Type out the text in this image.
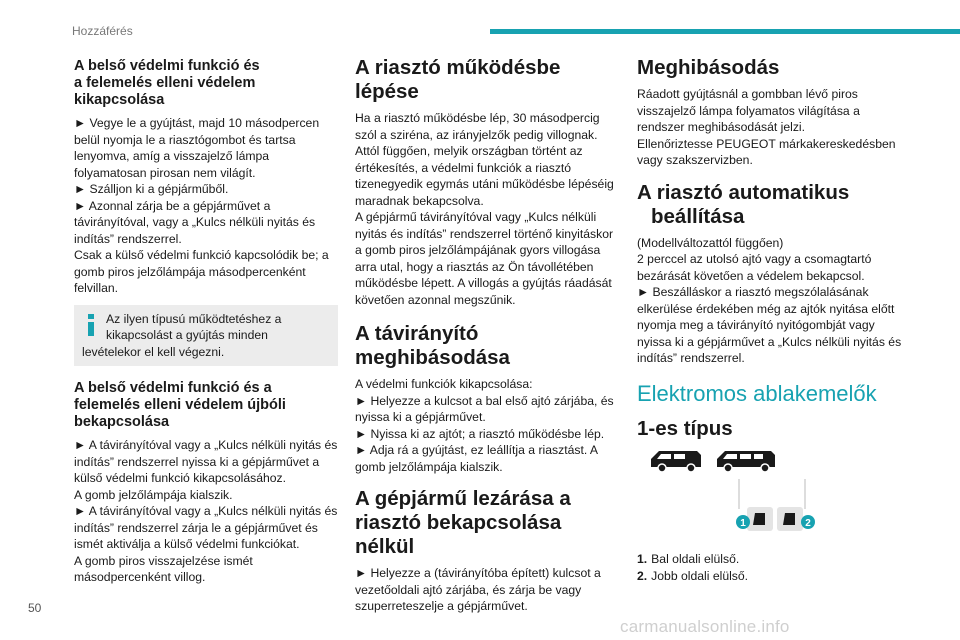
Hozzáférés
50
carmanualsonline.info
A belső védelmi funkció és
a felemelés elleni védelem
kikapcsolása

► Vegye le a gyújtást, majd 10 másodpercen belül nyomja le a riasztógombot és tartsa lenyomva, amíg a visszajelző lámpa folyamatosan pirosan nem világít.
► Szálljon ki a gépjárműből.
► Azonnal zárja be a gépjárművet a távirányítóval, vagy a „Kulcs nélküli nyitás és indítás” rendszerrel.
Csak a külső védelmi funkció kapcsolódik be; a gomb piros jelzőlámpája másodpercenként felvillan.

Az ilyen típusú működtetéshez a kikapcsolást a gyújtás minden
levételekor el kell végezni.
A belső védelmi funkció és a
felemelés elleni védelem újbóli
bekapcsolása

► A távirányítóval vagy a „Kulcs nélküli nyitás és indítás” rendszerrel nyissa ki a gépjárművet a külső védelmi funkció kikapcsolásához.
A gomb jelzőlámpája kialszik.
► A távirányítóval vagy a „Kulcs nélküli nyitás és indítás” rendszerrel zárja le a gépjárművet és ismét aktiválja a külső védelmi funkciókat.
A gomb piros visszajelzése ismét másodpercenként villog.

A riasztó működésbe lépése

Ha a riasztó működésbe lép, 30 másodpercig szól a sziréna, az irányjelzők pedig villognak. Attól függően, melyik országban történt az értékesítés, a védelmi funkciók a riasztó tizenegyedik egymás utáni működésbe lépéséig maradnak bekapcsolva.
A gépjármű távirányítóval vagy „Kulcs nélküli nyitás és indítás” rendszerrel történő kinyitáskor a gomb piros jelzőlámpájának gyors villogása arra utal, hogy a riasztás az Ön távollétében működésbe lépett. A villogás a gyújtás ráadását követően azonnal megszűnik.

A távirányító
meghibásodása

A védelmi funkciók kikapcsolása:
► Helyezze a kulcsot a bal első ajtó zárjába, és nyissa ki a gépjárművet.
► Nyissa ki az ajtót; a riasztó működésbe lép.
► Adja rá a gyújtást, ez leállítja a riasztást. A gomb jelzőlámpája kialszik.

A gépjármű lezárása a
riasztó bekapcsolása nélkül

► Helyezze a (távirányítóba épített) kulcsot a vezetőoldali ajtó zárjába, és zárja be vagy szuperreteszelje a gépjárművet.

Meghibásodás

Ráadott gyújtásnál a gombban lévő piros visszajelző lámpa folyamatos világítása a rendszer meghibásodását jelzi.
Ellenőriztesse PEUGEOT márkakereskedésben vagy szakszervizben.

A riasztó automatikus
beállítása

(Modellváltozattól függően)
2 perccel az utolsó ajtó vagy a csomagtartó bezárását követően a védelem bekapcsol.
► Beszálláskor a riasztó megszólalásának elkerülése érdekében még az ajtók nyitása előtt nyomja meg a távirányító nyitógombját vagy nyissa ki a gépjárművet a „Kulcs nélküli nyitás és indítás” rendszerrel.

Elektromos ablakemelők
1-es típus
1	2
1. Bal oldali elülső.
2. Jobb oldali elülső.
